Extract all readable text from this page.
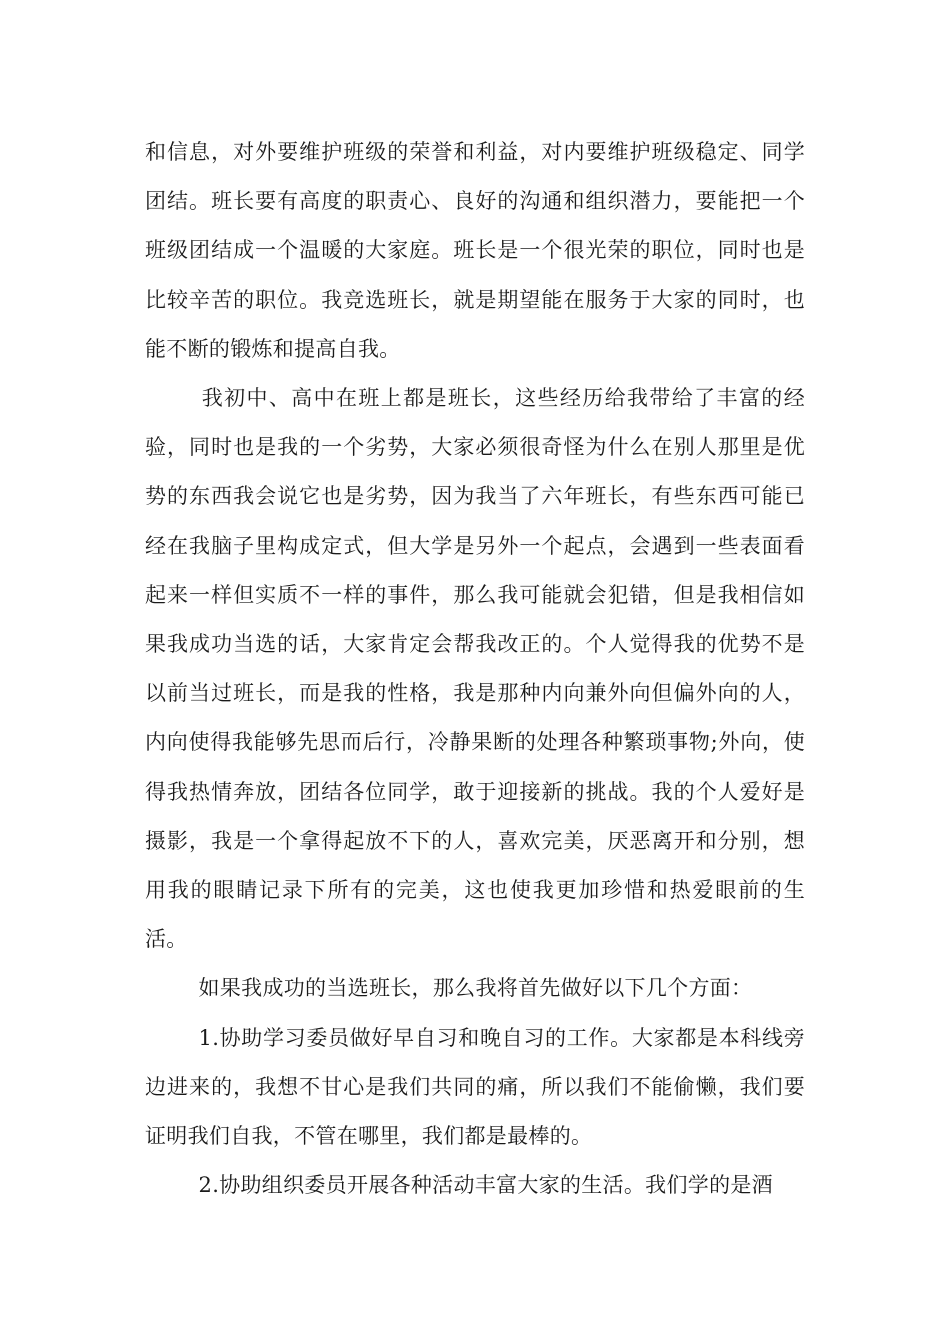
和信息，对外要维护班级的荣誉和利益，对内要维护班级稳定、同学团结。班长要有高度的职责心、良好的沟通和组织潜力，要能把一个班级团结成一个温暖的大家庭。班长是一个很光荣的职位，同时也是比较辛苦的职位。我竞选班长，就是期望能在服务于大家的同时，也能不断的锻炼和提高自我。

我初中、高中在班上都是班长，这些经历给我带给了丰富的经验，同时也是我的一个劣势，大家必须很奇怪为什么在别人那里是优势的东西我会说它也是劣势，因为我当了六年班长，有些东西可能已经在我脑子里构成定式，但大学是另外一个起点，会遇到一些表面看起来一样但实质不一样的事件，那么我可能就会犯错，但是我相信如果我成功当选的话，大家肯定会帮我改正的。个人觉得我的优势不是以前当过班长，而是我的性格，我是那种内向兼外向但偏外向的人，内向使得我能够先思而后行，冷静果断的处理各种繁琐事物;外向，使得我热情奔放，团结各位同学，敢于迎接新的挑战。我的个人爱好是摄影，我是一个拿得起放不下的人，喜欢完美，厌恶离开和分别，想用我的眼睛记录下所有的完美，这也使我更加珍惜和热爱眼前的生活。

如果我成功的当选班长，那么我将首先做好以下几个方面：

1.协助学习委员做好早自习和晚自习的工作。大家都是本科线旁边进来的，我想不甘心是我们共同的痛，所以我们不能偷懒，我们要证明我们自我，不管在哪里，我们都是最棒的。

2.协助组织委员开展各种活动丰富大家的生活。我们学的是酒
